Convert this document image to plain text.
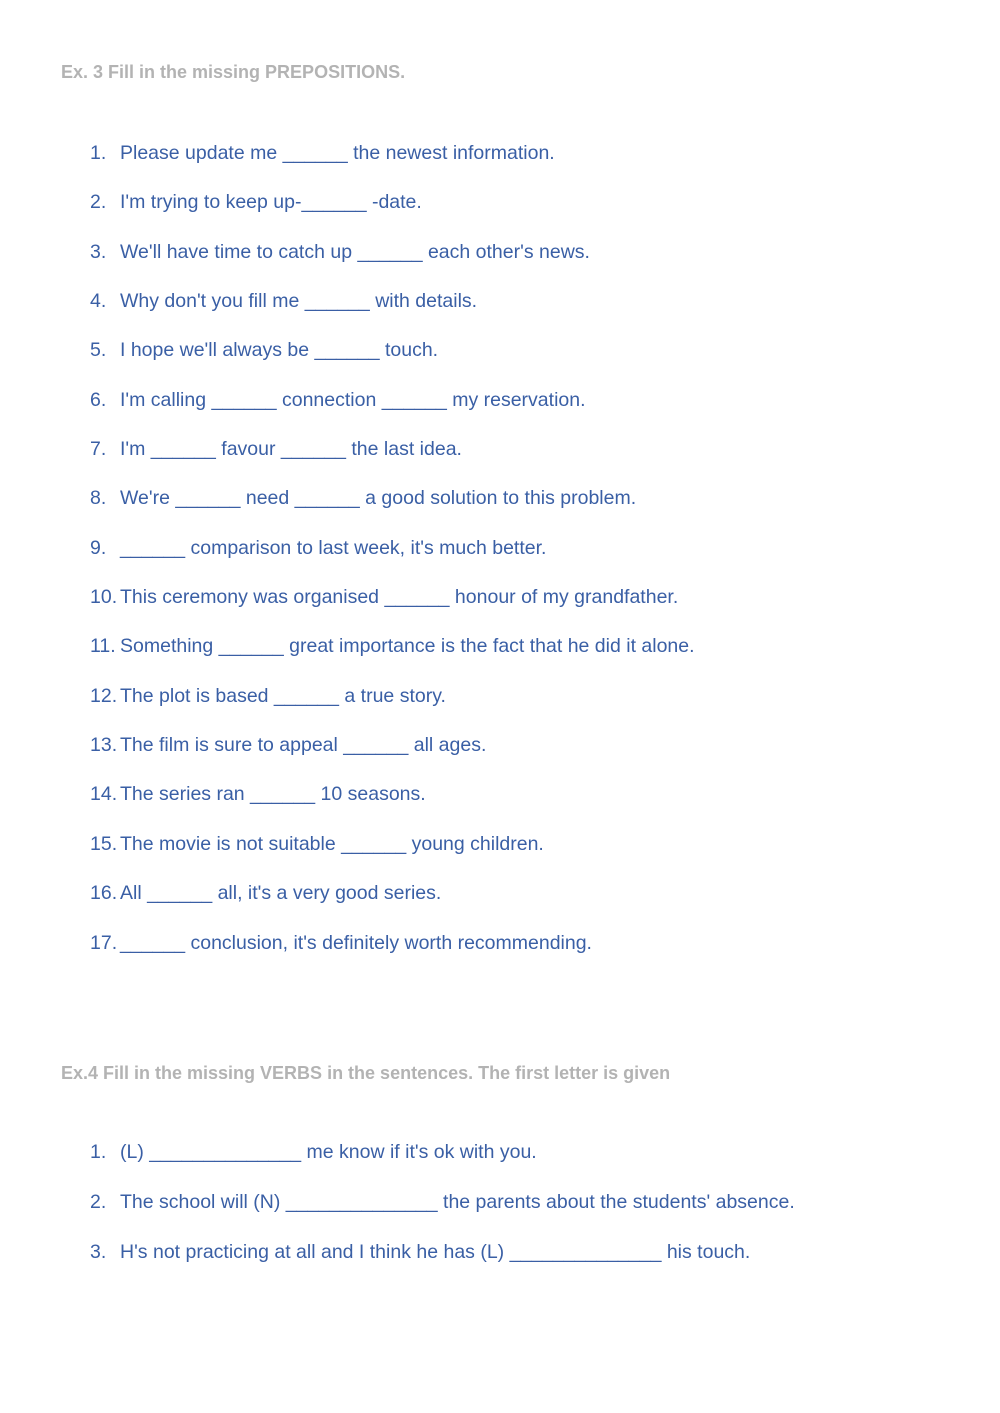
Ex. 3 Fill in the missing PREPOSITIONS.
1. Please update me ______ the newest information.
2. I'm trying to keep up-______ -date.
3. We'll have time to catch up ______ each other's news.
4. Why don't you fill me ______ with details.
5. I hope we'll always be ______ touch.
6. I'm calling ______ connection ______ my reservation.
7. I'm ______ favour ______ the last idea.
8. We're ______ need ______ a good solution to this problem.
9. ______ comparison to last week, it's much better.
10. This ceremony was organised ______ honour of my grandfather.
11. Something ______ great importance is the fact that he did it alone.
12. The plot is based ______ a true story.
13. The film is sure to appeal ______ all ages.
14. The series ran ______ 10 seasons.
15. The movie is not suitable ______ young children.
16. All ______ all, it's a very good series.
17. ______ conclusion, it's definitely worth recommending.
Ex.4 Fill in the missing VERBS in the sentences. The first letter is given
1. (L) ______________ me know if it's ok with you.
2. The school will (N) ______________ the parents about the students' absence.
3. H's not practicing at all and I think he has (L) ______________ his touch.
